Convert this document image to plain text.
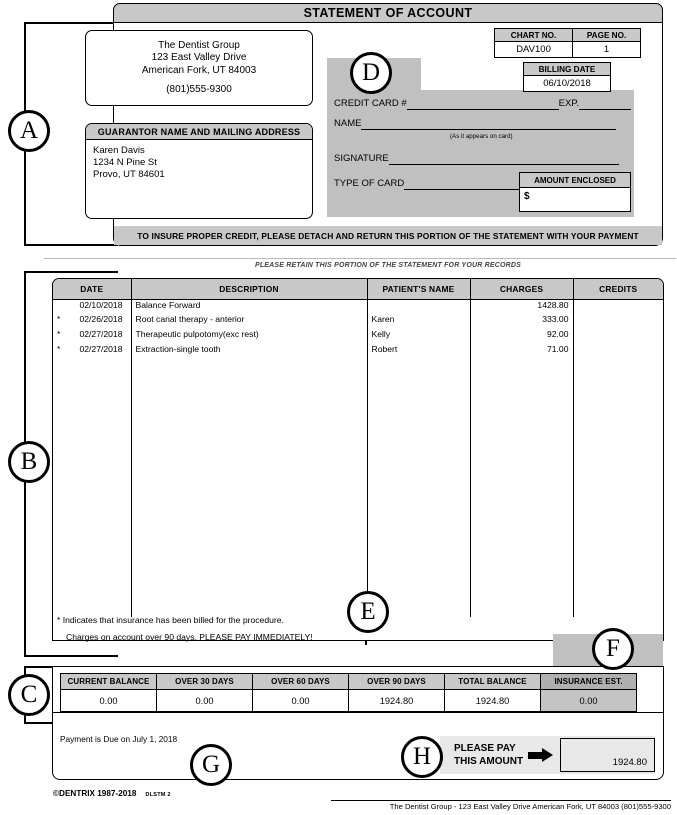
STATEMENT OF ACCOUNT
The Dentist Group
123 East Valley Drive
American Fork, UT 84003
(801)555-9300
GUARANTOR NAME AND MAILING ADDRESS
Karen Davis
1234 N Pine St
Provo, UT 84601
CHART NO.	PAGE NO.
DAV100	1
BILLING DATE
06/10/2018
CREDIT CARD #	EXP.
NAME
(As it appears on card)
SIGNATURE
TYPE OF CARD	AMOUNT ENCLOSED
$
TO INSURE PROPER CREDIT, PLEASE DETACH AND RETURN THIS PORTION OF THE STATEMENT WITH YOUR PAYMENT
PLEASE RETAIN THIS PORTION OF THE STATEMENT FOR YOUR RECORDS
DATE	DESCRIPTION	PATIENT'S NAME	CHARGES	CREDITS

02/10/2018	Balance Forward		1428.80	

* 02/26/2018	Root canal therapy - anterior	Karen	333.00	

* 02/27/2018	Therapeutic pulpotomy(exc rest)	Kelly	92.00	

* 02/27/2018	Extraction-single tooth	Robert	71.00	

* Indicates that insurance has been billed for the procedure.
Charges on account over 90 days. PLEASE PAY IMMEDIATELY!
CURRENT BALANCE	OVER 30 DAYS	OVER 60 DAYS	OVER 90 DAYS	TOTAL BALANCE	INSURANCE EST.
0.00	0.00	0.00	1924.80	1924.80	0.00
Payment is Due on July 1, 2018
PLEASE PAY
THIS AMOUNT	1924.80
©DENTRIX 1987-2018 DLSTM 2
The Dentist Group - 123 East Valley Drive American Fork, UT 84003 (801)555-9300
A
B
C
D
E
F
G	H
